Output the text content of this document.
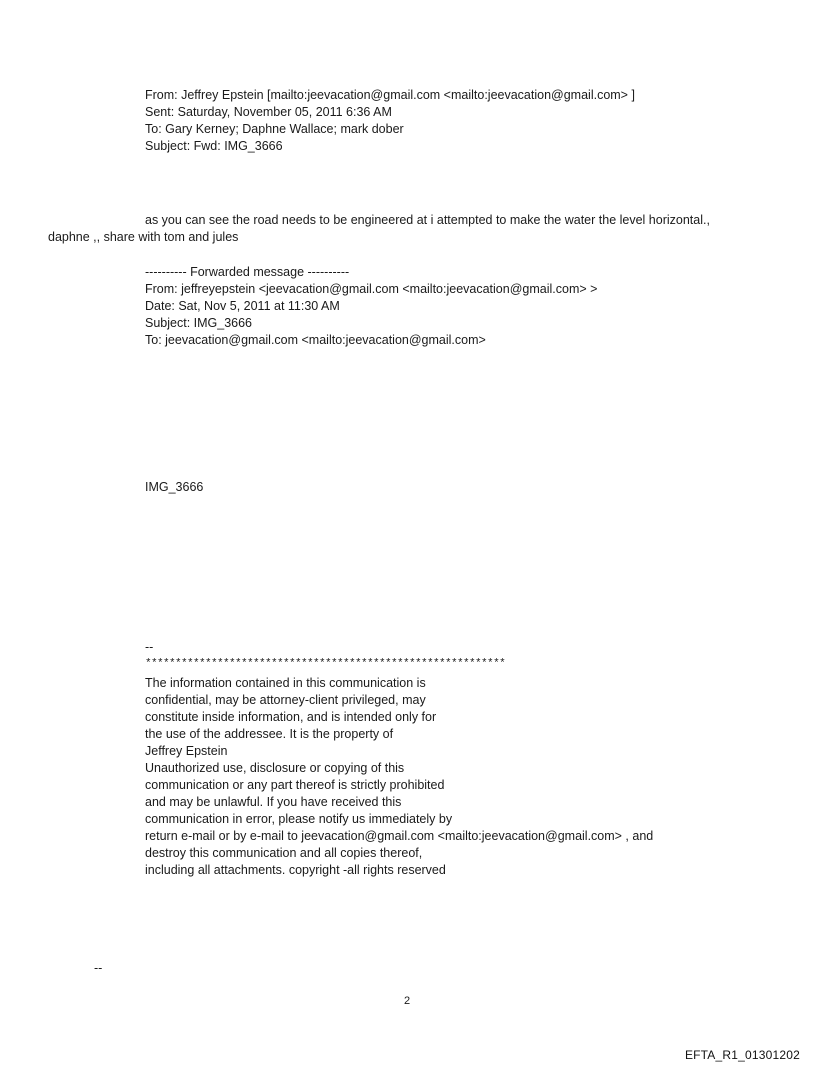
From: Jeffrey Epstein [mailto:jeevacation@gmail.com <mailto:jeevacation@gmail.com> ]
Sent: Saturday, November 05, 2011 6:36 AM
To: Gary Kerney; Daphne Wallace; mark dober
Subject: Fwd: IMG_3666
as you can see the road needs to be engineered at i attempted to make the water the level horizontal.,
daphne ,, share with tom and jules
---------- Forwarded message ----------
From: jeffreyepstein <jeevacation@gmail.com <mailto:jeevacation@gmail.com> >
Date: Sat, Nov 5, 2011 at 11:30 AM
Subject: IMG_3666
To: jeevacation@gmail.com <mailto:jeevacation@gmail.com>
IMG_3666
--
************************************************************
The information contained in this communication is
confidential, may be attorney-client privileged, may
constitute inside information, and is intended only for
the use of the addressee. It is the property of
Jeffrey Epstein
Unauthorized use, disclosure or copying of this
communication or any part thereof is strictly prohibited
and may be unlawful. If you have received this
communication in error, please notify us immediately by
return e-mail or by e-mail to jeevacation@gmail.com <mailto:jeevacation@gmail.com> , and
destroy this communication and all copies thereof,
including all attachments. copyright -all rights reserved
--
2
EFTA_R1_01301202
